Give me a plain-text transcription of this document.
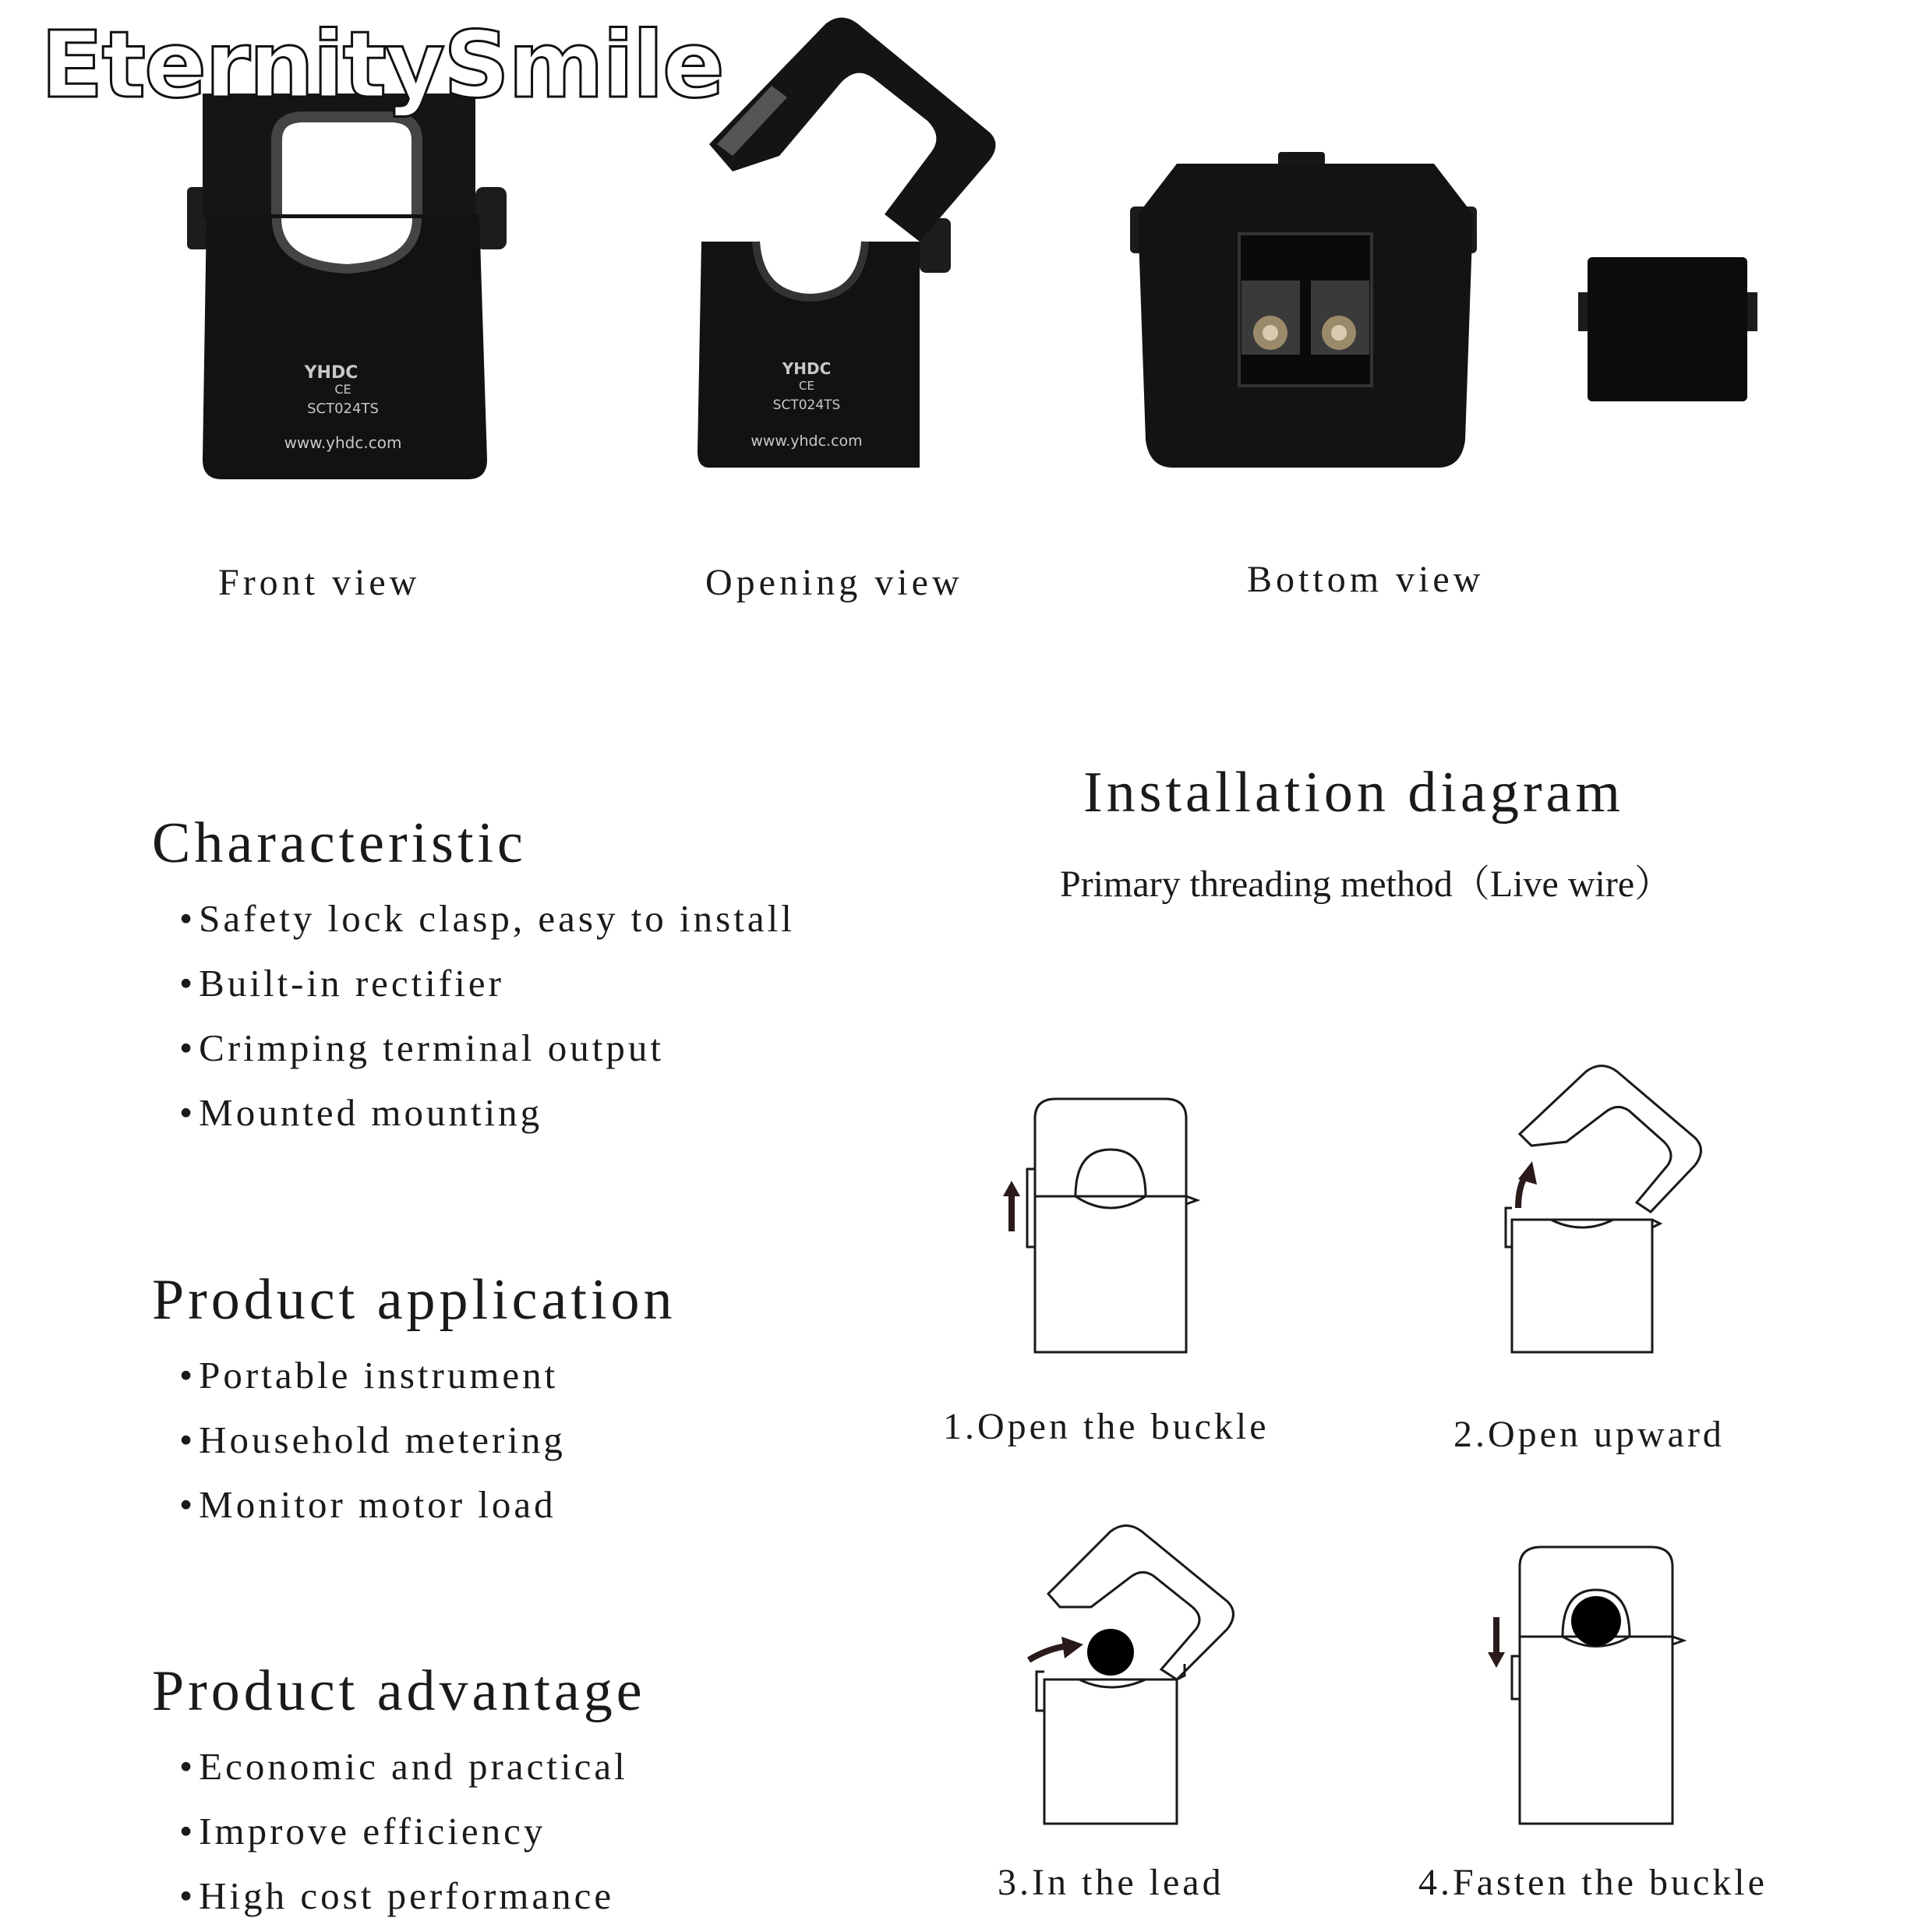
YHDC
CE
SCT024TS
www.yhdc.com
YHDC
CE
SCT024TS
www.yhdc.com
EternitySmile
Front view	Opening view	Bottom view
Characteristic
• Safety lock clasp, easy to install
• Built-in rectifier
• Crimping terminal output
• Mounted mounting
Product application
• Portable instrument
• Household metering
• Monitor motor load
Product advantage
• Economic and practical
• Improve efficiency
• High cost performance
Installation diagram
Primary threading method（Live wire）
1.Open the buckle	2.Open upward
3.In the lead	4.Fasten the buckle
